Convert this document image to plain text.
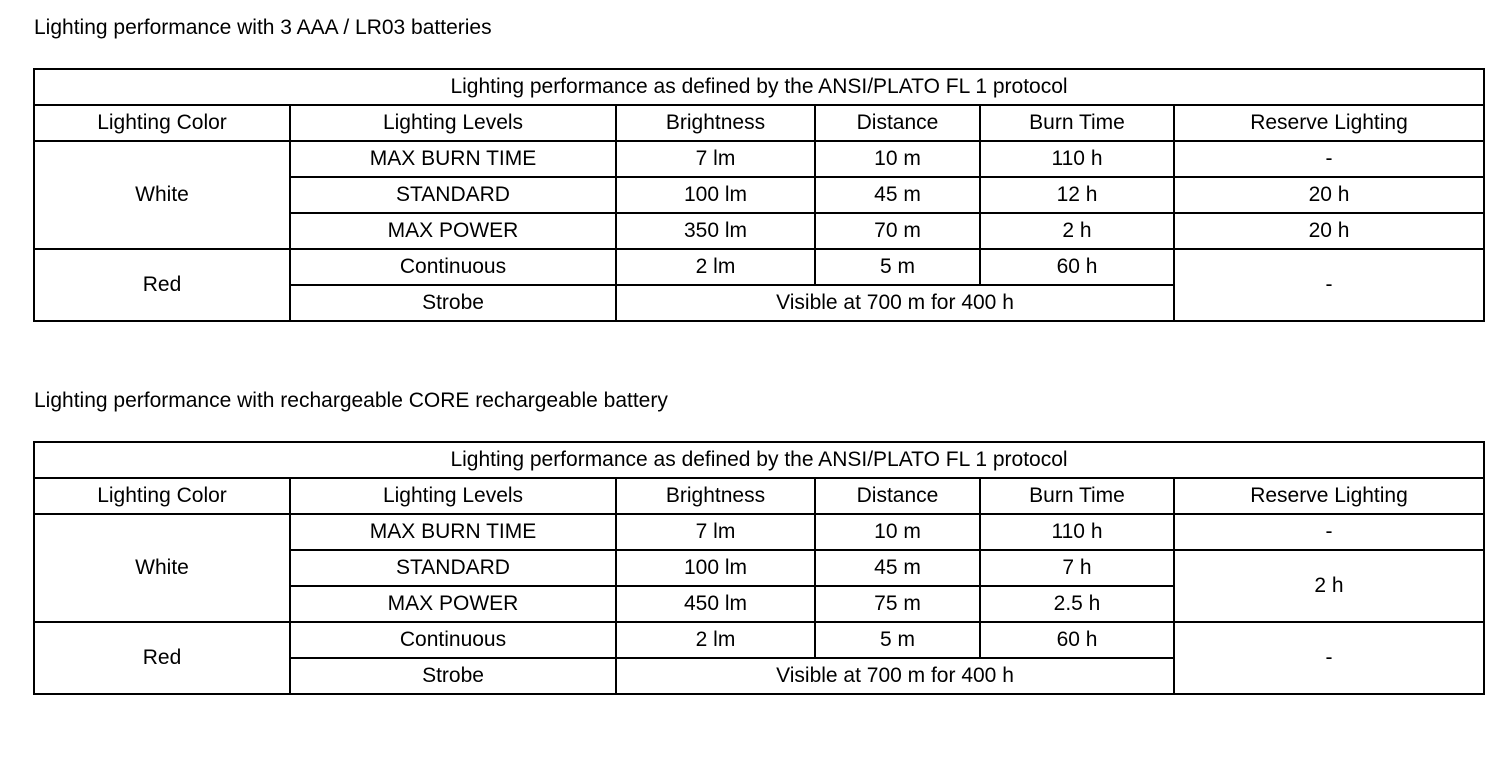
Lighting performance with 3 AAA / LR03 batteries
Lighting performance as defined by the ANSI/PLATO FL 1 protocol					
Lighting Color	Lighting Levels	Brightness	Distance	Burn Time	Reserve Lighting
White	MAX BURN TIME	7 lm	10 m	110 h	-
	STANDARD	100 lm	45 m	12 h	20 h
	MAX POWER	350 lm	70 m	2 h	20 h
Red	Continuous	2 lm	5 m	60 h	-
	Strobe	Visible at 700 m for 400 h			
Lighting performance with rechargeable CORE rechargeable battery
Lighting performance as defined by the ANSI/PLATO FL 1 protocol					
Lighting Color	Lighting Levels	Brightness	Distance	Burn Time	Reserve Lighting
White	MAX BURN TIME	7 lm	10 m	110 h	-
	STANDARD	100 lm	45 m	7 h	2 h
	MAX POWER	450 lm	75 m	2.5 h	
Red	Continuous	2 lm	5 m	60 h	-
	Strobe	Visible at 700 m for 400 h			
